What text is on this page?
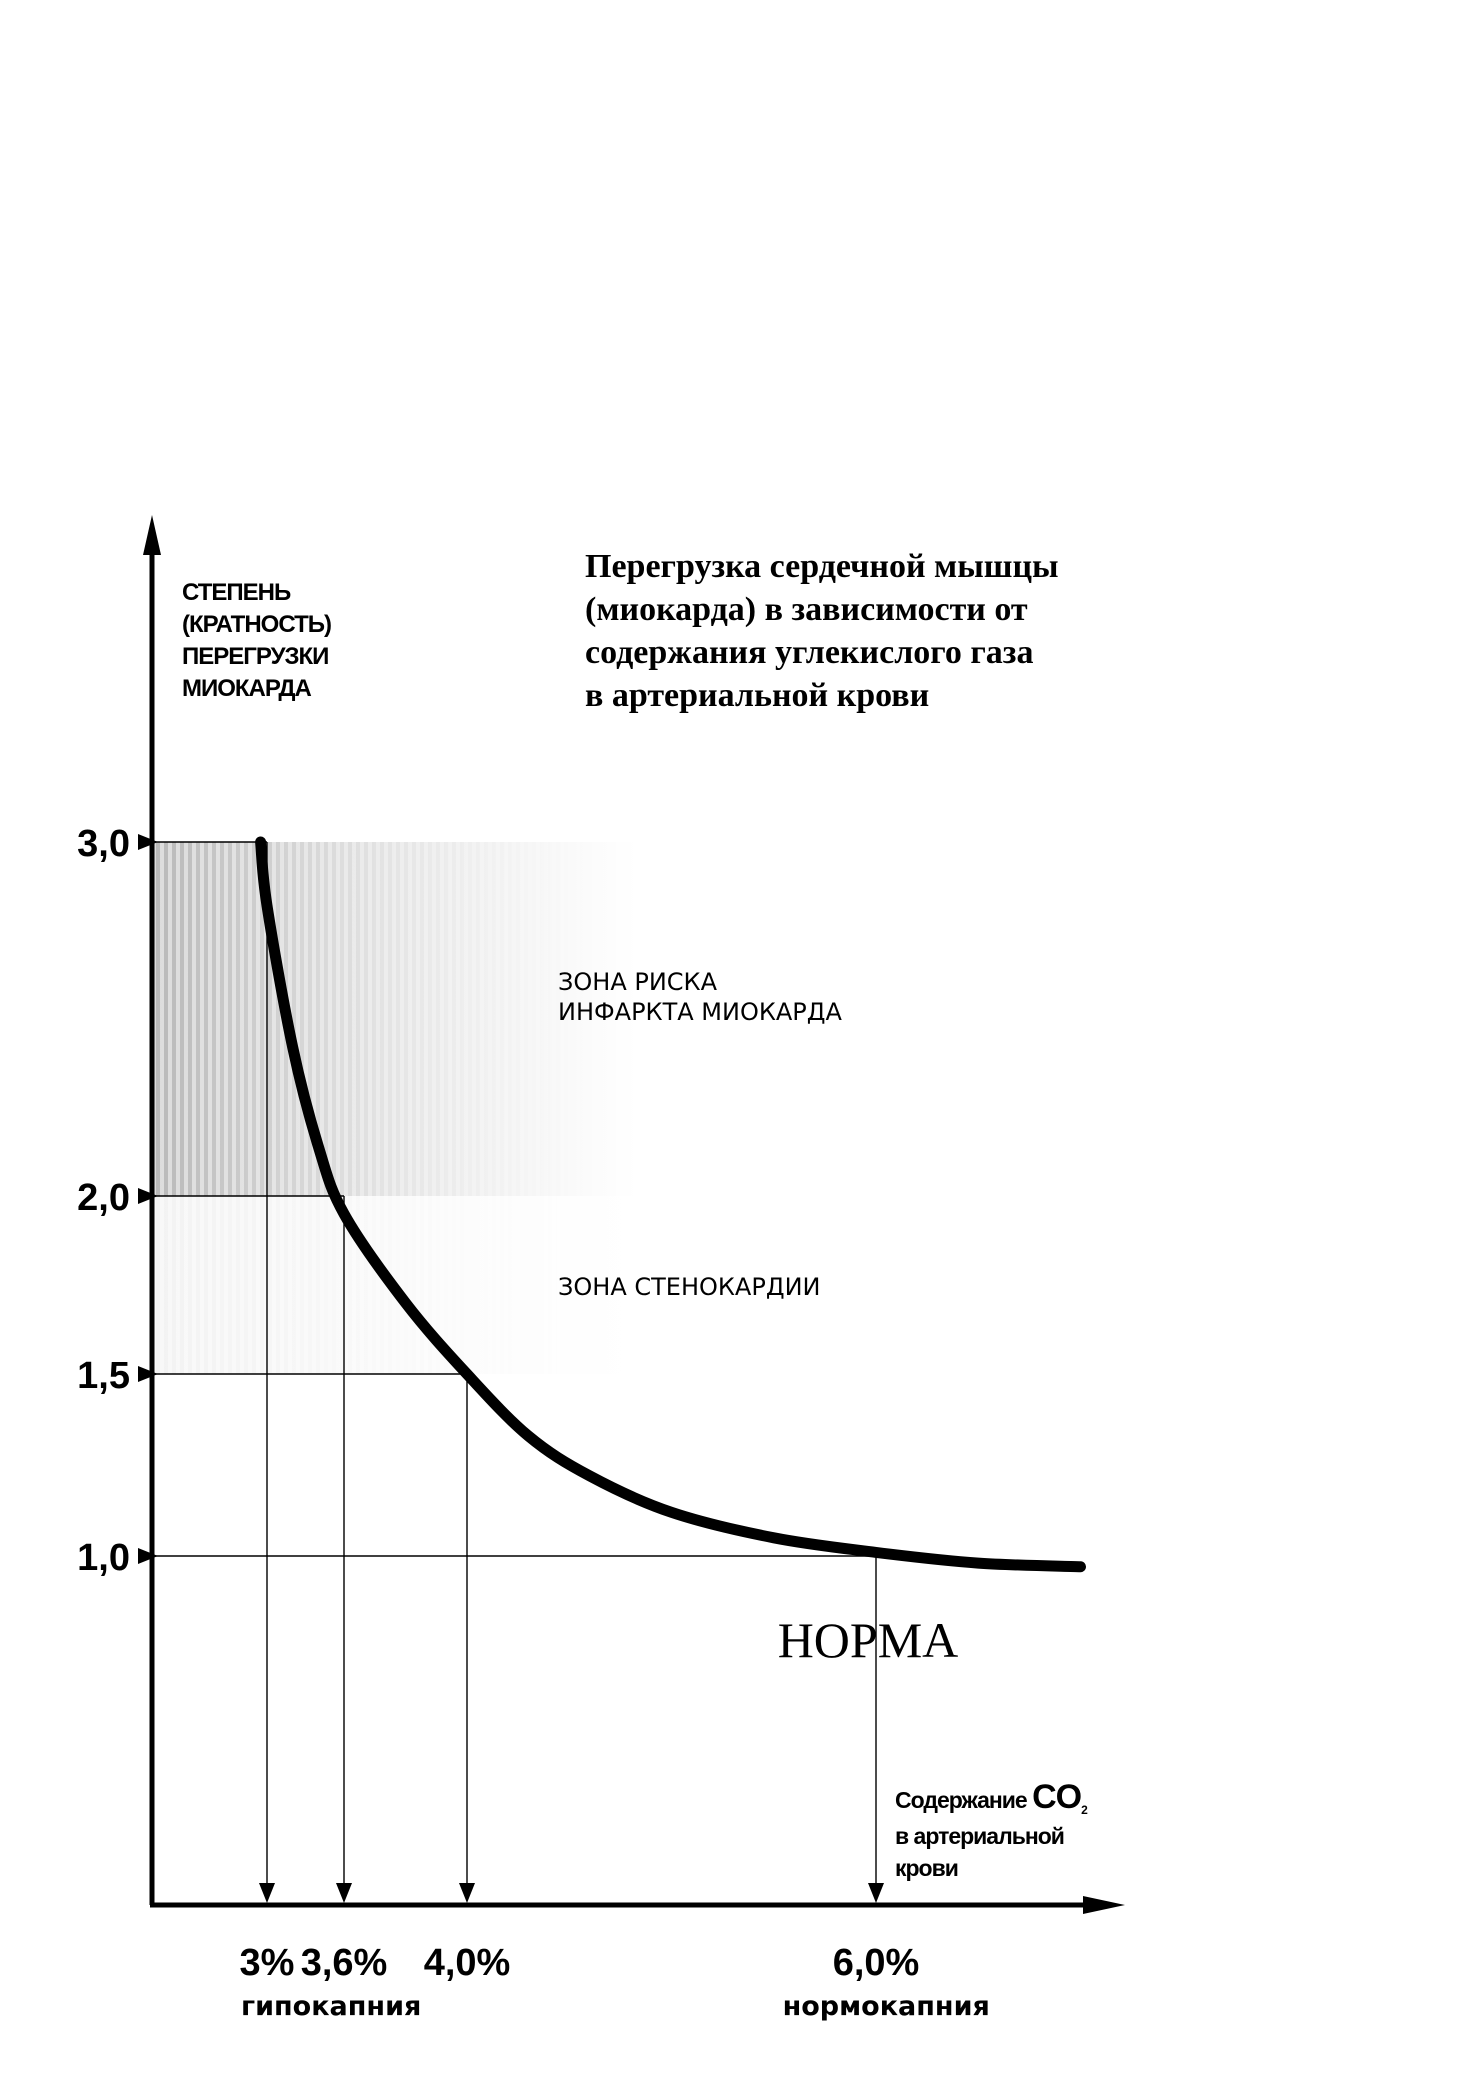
Перегрузка сердечной мышцы
(миокарда) в зависимости от
содержания углекислого газа
в артериальной крови
СТЕПЕНЬ
(КРАТНОСТЬ)
ПЕРЕГРУЗКИ
МИОКАРДА
3,0
2,0
1,5
1,0
3% 3,6% 4,0%	6,0%
гипокапния	нормокапния
ЗОНА РИСКА
ИНФАРКТА МИОКАРДА
ЗОНА СТЕНОКАРДИИ
НОРМА
Содержание $CO_2$
в артериальной
крови
